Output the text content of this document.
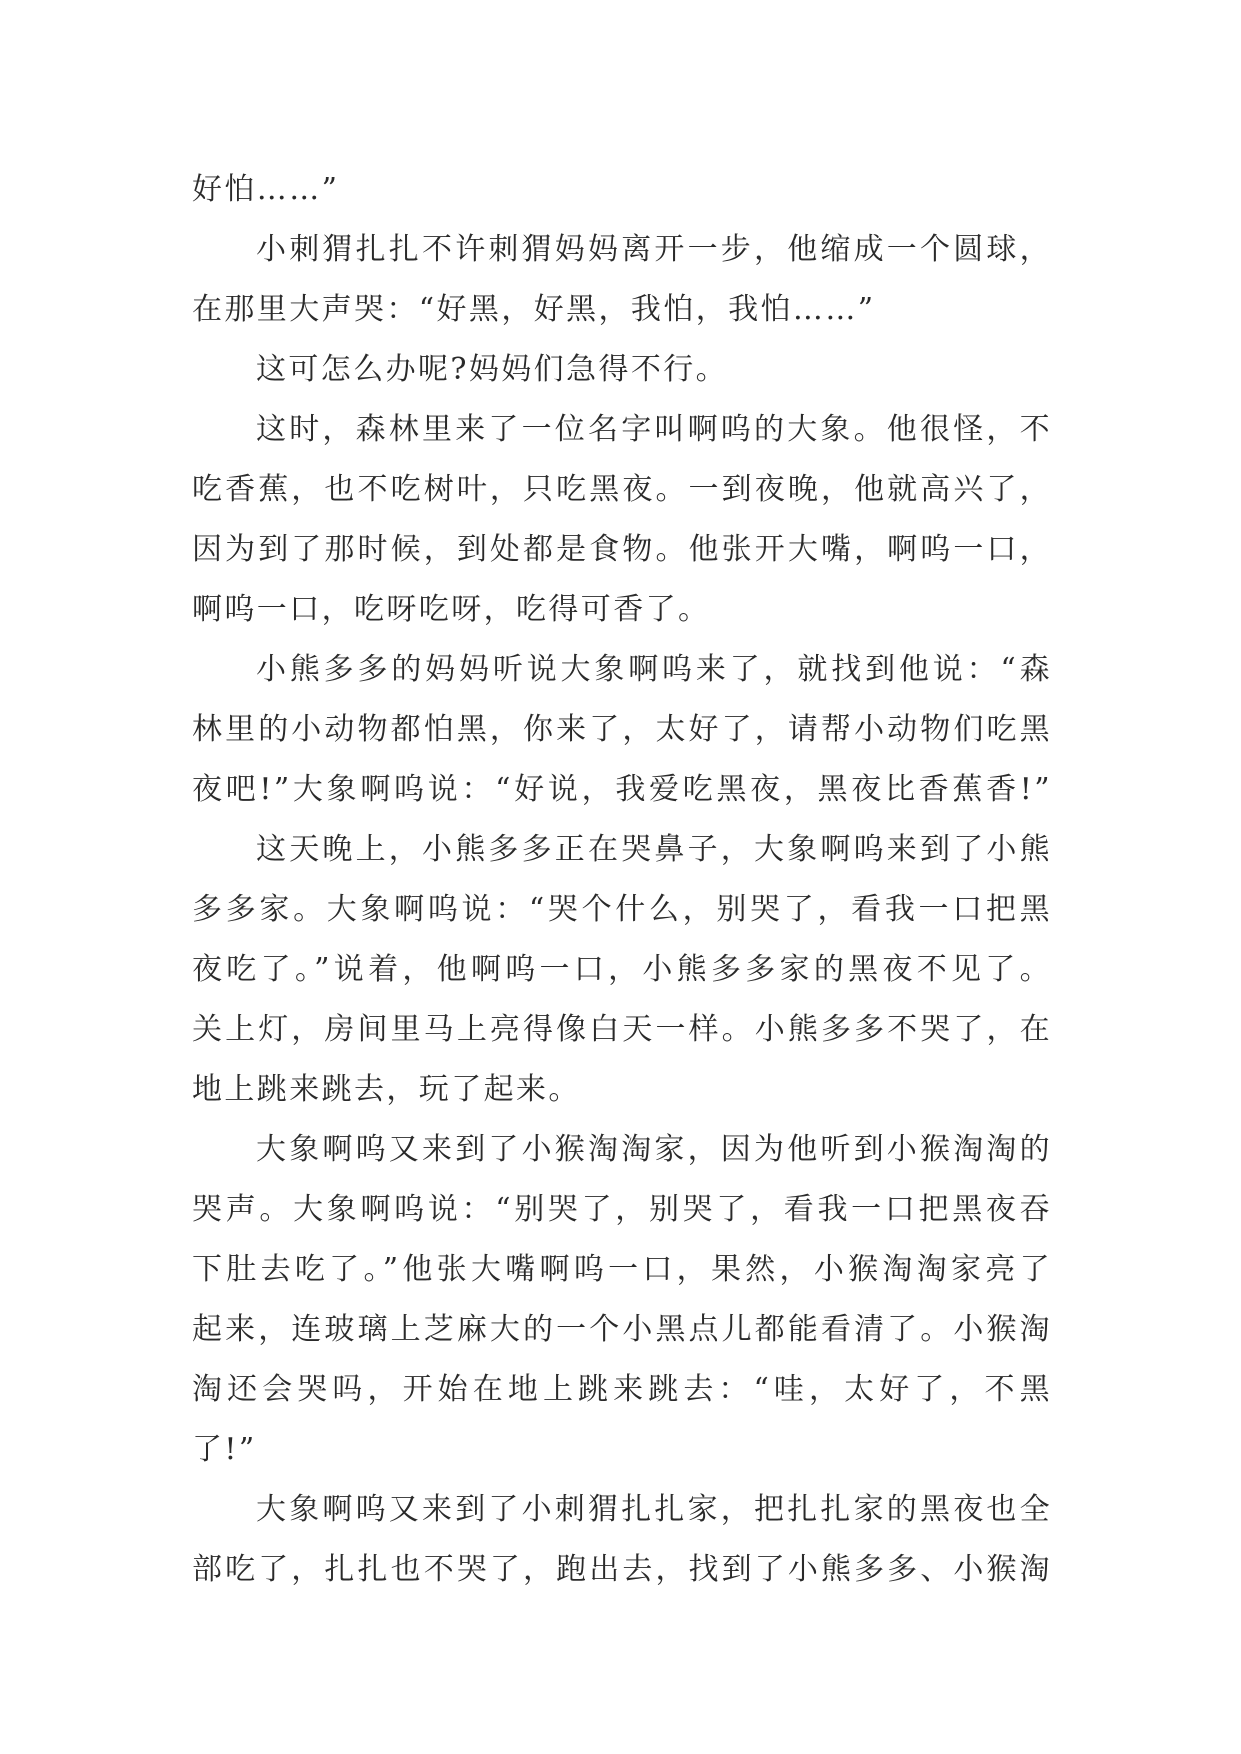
好怕……”
小刺猬扎扎不许刺猬妈妈离开一步，他缩成一个圆球，
在那里大声哭：“好黑，好黑，我怕，我怕……”
这可怎么办呢?妈妈们急得不行。
这时，森林里来了一位名字叫啊呜的大象。他很怪，不
吃香蕉，也不吃树叶，只吃黑夜。一到夜晚，他就高兴了，
因为到了那时候，到处都是食物。他张开大嘴，啊呜一口，
啊呜一口，吃呀吃呀，吃得可香了。
小熊多多的妈妈听说大象啊呜来了，就找到他说：“森
林里的小动物都怕黑，你来了，太好了，请帮小动物们吃黑
夜吧!”大象啊呜说：“好说，我爱吃黑夜，黑夜比香蕉香!”
这天晚上，小熊多多正在哭鼻子，大象啊呜来到了小熊
多多家。大象啊呜说：“哭个什么，别哭了，看我一口把黑
夜吃了。”说着，他啊呜一口，小熊多多家的黑夜不见了。
关上灯，房间里马上亮得像白天一样。小熊多多不哭了，在
地上跳来跳去，玩了起来。
大象啊呜又来到了小猴淘淘家，因为他听到小猴淘淘的
哭声。大象啊呜说：“别哭了，别哭了，看我一口把黑夜吞
下肚去吃了。”他张大嘴啊呜一口，果然，小猴淘淘家亮了
起来，连玻璃上芝麻大的一个小黑点儿都能看清了。小猴淘
淘还会哭吗，开始在地上跳来跳去：“哇，太好了，不黑
了!”
大象啊呜又来到了小刺猬扎扎家，把扎扎家的黑夜也全
部吃了，扎扎也不哭了，跑出去，找到了小熊多多、小猴淘
